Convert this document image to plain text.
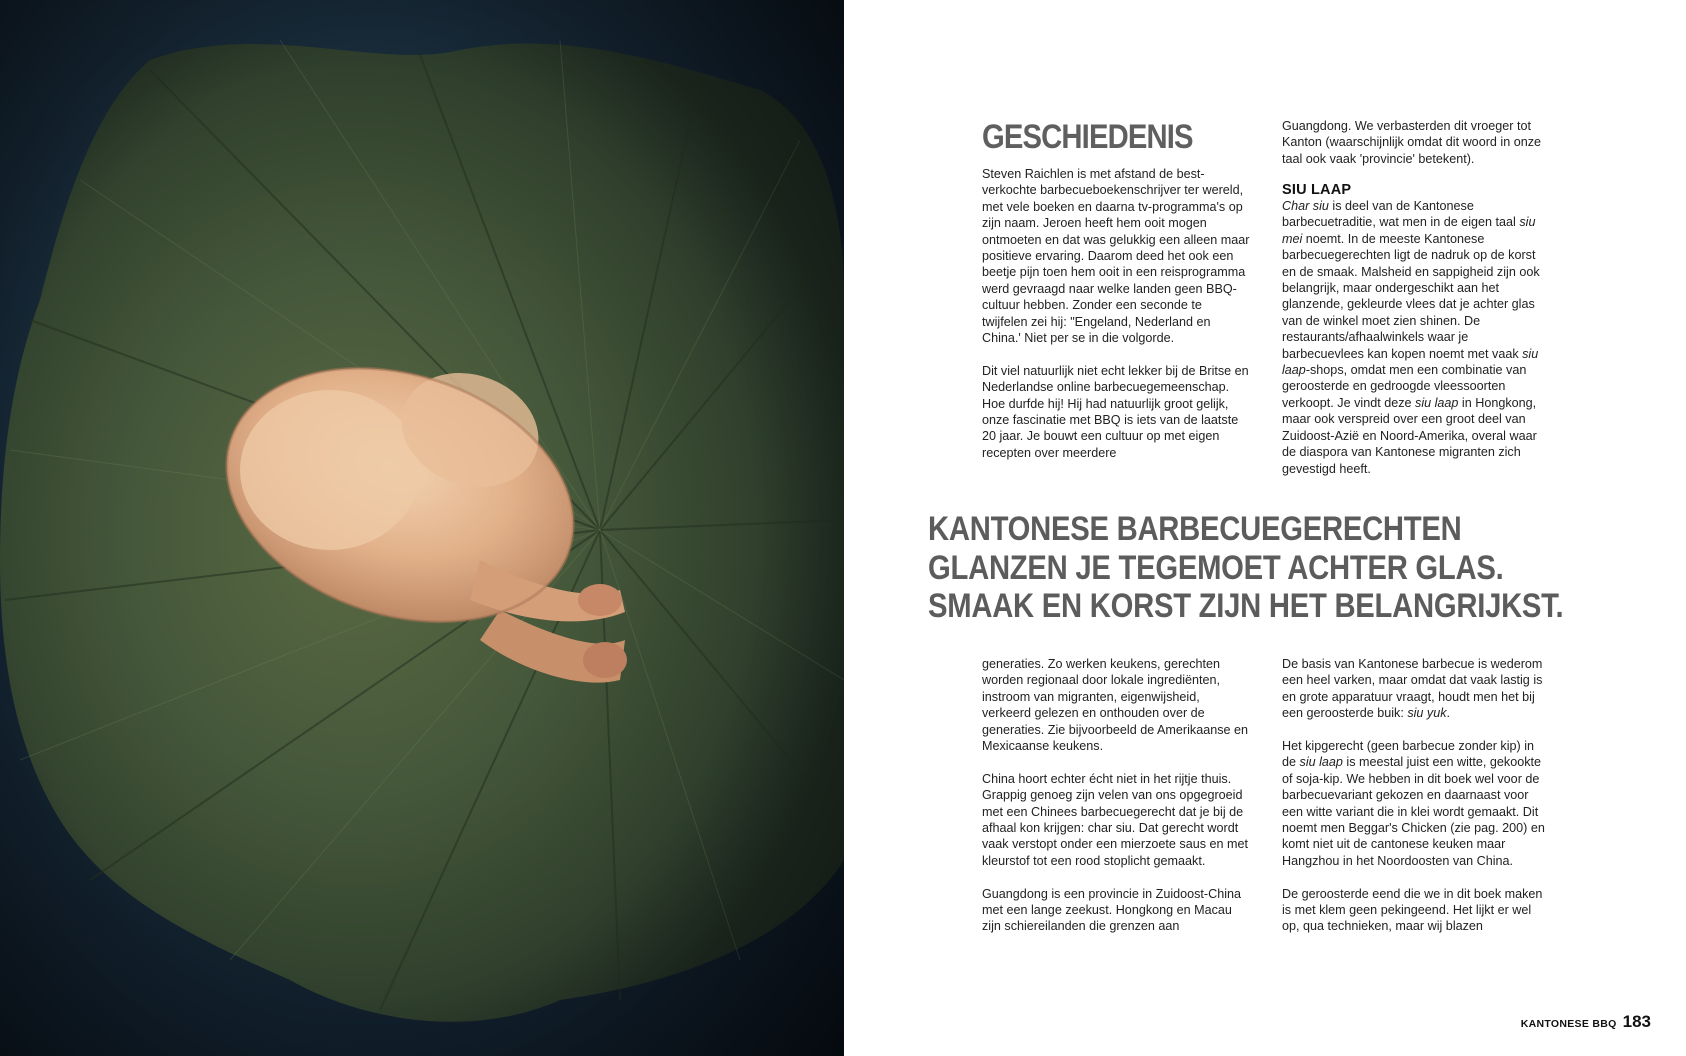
GESCHIEDENIS

Steven Raichlen is met afstand de best-verkochte barbecueboekenschrijver ter wereld, met vele boeken en daarna tv-programma's op zijn naam. Jeroen heeft hem ooit mogen ontmoeten en dat was gelukkig een alleen maar positieve ervaring. Daarom deed het ook een beetje pijn toen hem ooit in een reisprogramma werd gevraagd naar welke landen geen BBQ-cultuur hebben. Zonder een seconde te twijfelen zei hij: "Engeland, Nederland en China.' Niet per se in die volgorde.

Dit viel natuurlijk niet echt lekker bij de Britse en Nederlandse online barbecuegemeenschap. Hoe durfde hij! Hij had natuurlijk groot gelijk, onze fascinatie met BBQ is iets van de laatste 20 jaar. Je bouwt een cultuur op met eigen recepten over meerdere

Guangdong. We verbasterden dit vroeger tot Kanton (waarschijnlijk omdat dit woord in onze taal ook vaak 'provincie' betekent).

SIU LAAP

Char siu is deel van de Kantonese barbecuetraditie, wat men in de eigen taal siu mei noemt. In de meeste Kantonese barbecuegerechten ligt de nadruk op de korst en de smaak. Malsheid en sappigheid zijn ook belangrijk, maar ondergeschikt aan het glanzende, gekleurde vlees dat je achter glas van de winkel moet zien shinen. De restaurants/afhaalwinkels waar je barbecuevlees kan kopen noemt met vaak siu laap-shops, omdat men een combinatie van geroosterde en gedroogde vleessoorten verkoopt. Je vindt deze siu laap in Hongkong, maar ook verspreid over een groot deel van Zuidoost-Azië en Noord-Amerika, overal waar de diaspora van Kantonese migranten zich gevestigd heeft.

KANTONESE BARBECUEGERECHTEN
GLANZEN JE TEGEMOET ACHTER GLAS.
SMAAK EN KORST ZIJN HET BELANGRIJKST.

generaties. Zo werken keukens, gerechten worden regionaal door lokale ingrediënten, instroom van migranten, eigenwijsheid, verkeerd gelezen en onthouden over de generaties. Zie bijvoorbeeld de Amerikaanse en Mexicaanse keukens.

China hoort echter écht niet in het rijtje thuis. Grappig genoeg zijn velen van ons opgegroeid met een Chinees barbecuegerecht dat je bij de afhaal kon krijgen: char siu. Dat gerecht wordt vaak verstopt onder een mierzoete saus en met kleurstof tot een rood stoplicht gemaakt.

Guangdong is een provincie in Zuidoost-China met een lange zeekust. Hongkong en Macau zijn schiereilanden die grenzen aan

De basis van Kantonese barbecue is wederom een heel varken, maar omdat dat vaak lastig is en grote apparatuur vraagt, houdt men het bij een geroosterde buik: siu yuk.

Het kipgerecht (geen barbecue zonder kip) in de siu laap is meestal juist een witte, gekookte of soja-kip. We hebben in dit boek wel voor de barbecuevariant gekozen en daarnaast voor een witte variant die in klei wordt gemaakt. Dit noemt men Beggar's Chicken (zie pag. 200) en komt niet uit de cantonese keuken maar Hangzhou in het Noordoosten van China.

De geroosterde eend die we in dit boek maken is met klem geen pekingeend. Het lijkt er wel op, qua technieken, maar wij blazen

KANTONESE BBQ 183
